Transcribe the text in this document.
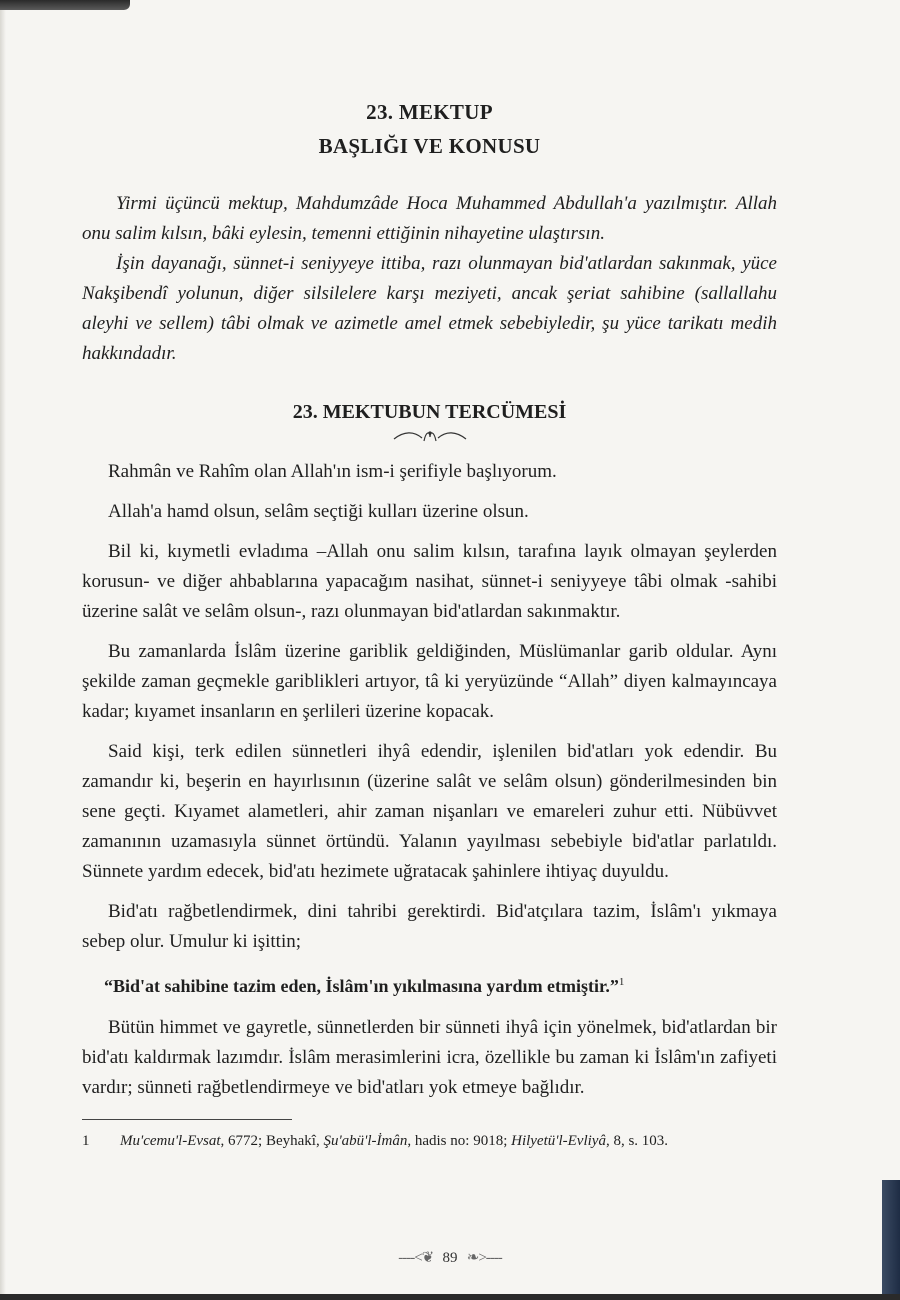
23. MEKTUP
BAŞLIĞI VE KONUSU

Yirmi üçüncü mektup, Mahdumzâde Hoca Muhammed Abdullah'a yazılmıştır. Allah onu salim kılsın, bâki eylesin, temenni ettiğinin nihayetine ulaştırsın.

İşin dayanağı, sünnet-i seniyyeye ittiba, razı olunmayan bid'atlardan sakınmak, yüce Nakşibendî yolunun, diğer silsilelere karşı meziyeti, ancak şeriat sahibine (sallallahu aleyhi ve sellem) tâbi olmak ve azimetle amel etmek sebebiyledir, şu yüce tarikatı medih hakkındadır.

23. MEKTUBUN TERCÜMESİ

Rahmân ve Rahîm olan Allah'ın ism-i şerifiyle başlıyorum.

Allah'a hamd olsun, selâm seçtiği kulları üzerine olsun.

Bil ki, kıymetli evladıma –Allah onu salim kılsın, tarafına layık olmayan şeylerden korusun- ve diğer ahbablarına yapacağım nasihat, sünnet-i seniyyeye tâbi olmak -sahibi üzerine salât ve selâm olsun-, razı olunmayan bid'atlardan sakınmaktır.

Bu zamanlarda İslâm üzerine gariblik geldiğinden, Müslümanlar garib oldular. Aynı şekilde zaman geçmekle gariblikleri artıyor, tâ ki yeryüzünde “Allah” diyen kalmayıncaya kadar; kıyamet insanların en şerlileri üzerine kopacak.

Said kişi, terk edilen sünnetleri ihyâ edendir, işlenilen bid'atları yok edendir. Bu zamandır ki, beşerin en hayırlısının (üzerine salât ve selâm olsun) gönderilmesinden bin sene geçti. Kıyamet alametleri, ahir zaman nişanları ve emareleri zuhur etti. Nübüvvet zamanının uzamasıyla sünnet örtündü. Yalanın yayılması sebebiyle bid'atlar parlatıldı. Sünnete yardım edecek, bid'atı hezimete uğratacak şahinlere ihtiyaç duyuldu.

Bid'atı rağbetlendirmek, dini tahribi gerektirdi. Bid'atçılara tazim, İslâm'ı yıkmaya sebep olur. Umulur ki işittin;

“Bid'at sahibine tazim eden, İslâm'ın yıkılmasına yardım etmiştir.”$^1$

Bütün himmet ve gayretle, sünnetlerden bir sünneti ihyâ için yönelmek, bid'atlardan bir bid'atı kaldırmak lazımdır. İslâm merasimlerini icra, özellikle bu zaman ki İslâm'ın zafiyeti vardır; sünneti rağbetlendirmeye ve bid'atları yok etmeye bağlıdır.

1	Mu'cemu'l-Evsat, 6772; Beyhakî, Şu'abü'l-İmân, hadis no: 9018; Hilyetü'l-Evliyâ, 8, s. 103.

----<❦   89   ❧>----
